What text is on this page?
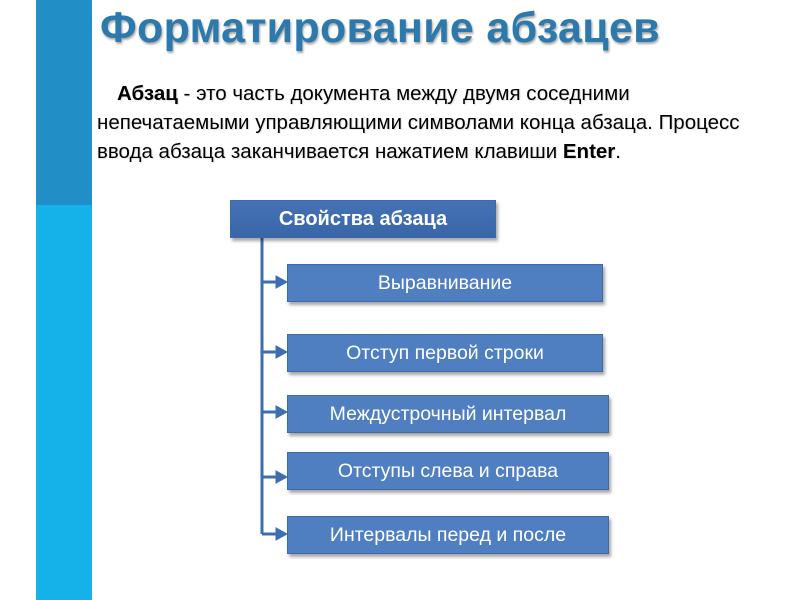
Форматирование абзацев
Абзац - это часть документа между двумя соседними непечатаемыми управляющими символами конца абзаца. Процесс ввода абзаца заканчивается нажатием клавиши Enter.
Свойства абзаца
Выравнивание
Отступ первой строки
Междустрочный интервал
Отступы слева и справа
Интервалы перед и после
